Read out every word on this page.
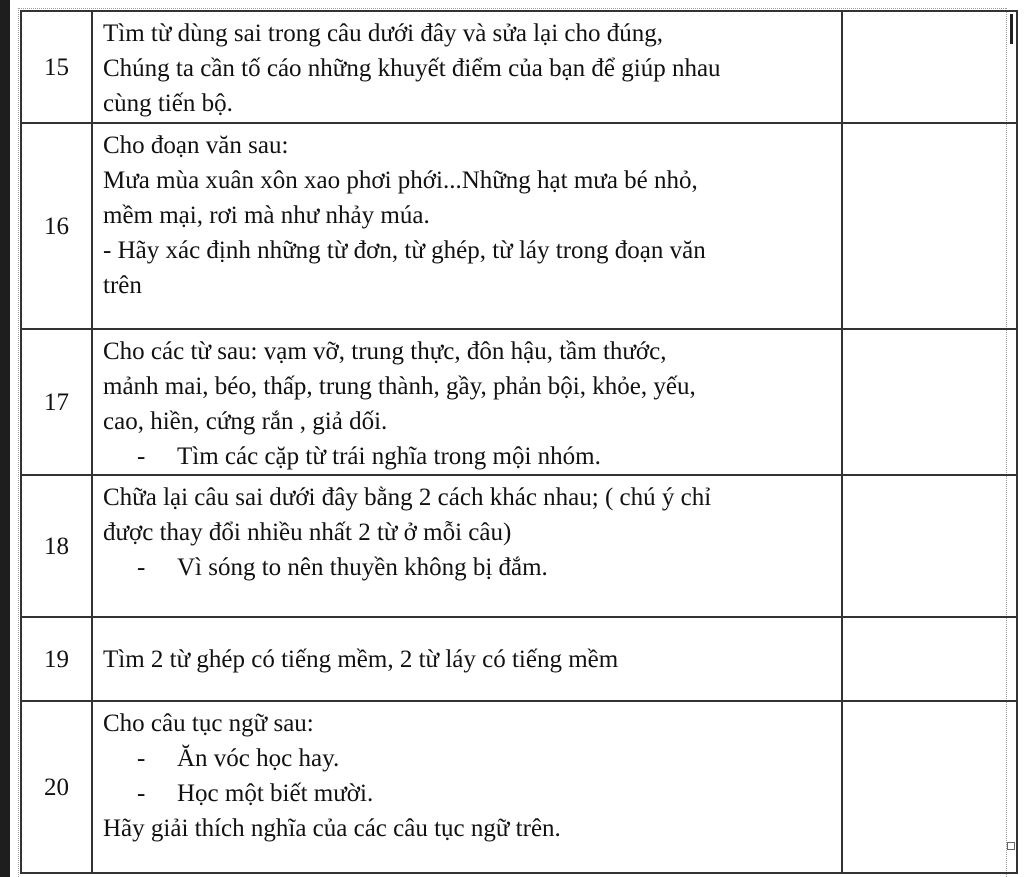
15	Tìm từ dùng sai trong câu dưới đây và sửa lại cho đúng,
Chúng ta cần tố cáo những khuyết điểm của bạn để giúp nhau
cùng tiến bộ.	

16	Cho đoạn văn sau:
Mưa mùa xuân xôn xao phơi phới...Những hạt mưa bé nhỏ,
mềm mại, rơi mà như nhảy múa.
- Hãy xác định những từ đơn, từ ghép, từ láy trong đoạn văn
trên	

17	Cho các từ sau: vạm vỡ, trung thực, đôn hậu, tầm thước,
mảnh mai, béo, thấp, trung thành, gầy, phản bội, khỏe, yếu,
cao, hiền, cứng rắn , giả dối.
- Tìm các cặp từ trái nghĩa trong mội nhóm.	

18	Chữa lại câu sai dưới đây bằng 2 cách khác nhau; ( chú ý chỉ
được thay đổi nhiều nhất 2 từ ở mỗi câu)
- Vì sóng to nên thuyền không bị đắm.	

19	Tìm 2 từ ghép có tiếng mềm, 2 từ láy có tiếng mềm	

20	Cho câu tục ngữ sau:
- Ăn vóc học hay.
- Học một biết mười.
Hãy giải thích nghĩa của các câu tục ngữ trên.	
